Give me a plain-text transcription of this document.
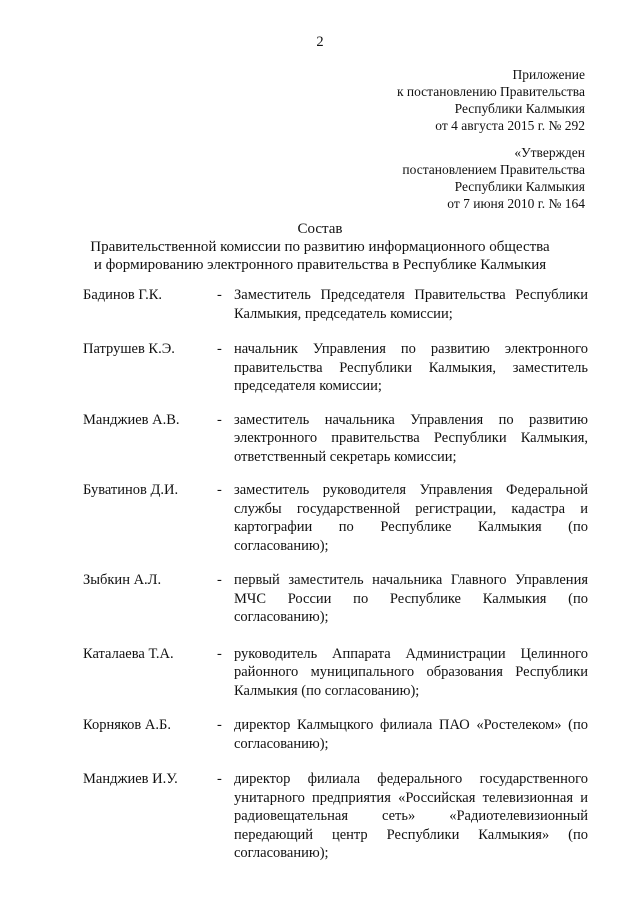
2
Приложение
к постановлению Правительства
Республики Калмыкия
от 4 августа 2015 г. № 292
«Утвержден
постановлением Правительства
Республики Калмыкия
от 7 июня 2010 г. № 164
Состав
Правительственной комиссии по развитию информационного общества
и формированию электронного правительства в Республике Калмыкия
Бадинов Г.К.	- Заместитель Председателя Правительства Республики Калмыкия, председатель комиссии;
Патрушев К.Э.	- начальник Управления по развитию электронного правительства Республики Калмыкия, заместитель председателя комиссии;
Манджиев А.В.	- заместитель начальника Управления по развитию электронного правительства Республики Калмыкия, ответственный секретарь комиссии;
Буватинов Д.И.	- заместитель руководителя Управления Федеральной службы государственной регистрации, кадастра и картографии по Республике Калмыкия (по согласованию);
Зыбкин А.Л.	- первый заместитель начальника Главного Управления МЧС России по Республике Калмыкия (по согласованию);
Каталаева Т.А.	- руководитель Аппарата Администрации Целинного районного муниципального образования Республики Калмыкия (по согласованию);
Корняков А.Б.	- директор Калмыцкого филиала ПАО «Ростелеком» (по согласованию);
Манджиев И.У.	- директор филиала федерального государственного унитарного предприятия «Российская телевизионная и радиовещательная сеть» «Радиотелевизионный передающий центр Республики Калмыкия» (по согласованию);
